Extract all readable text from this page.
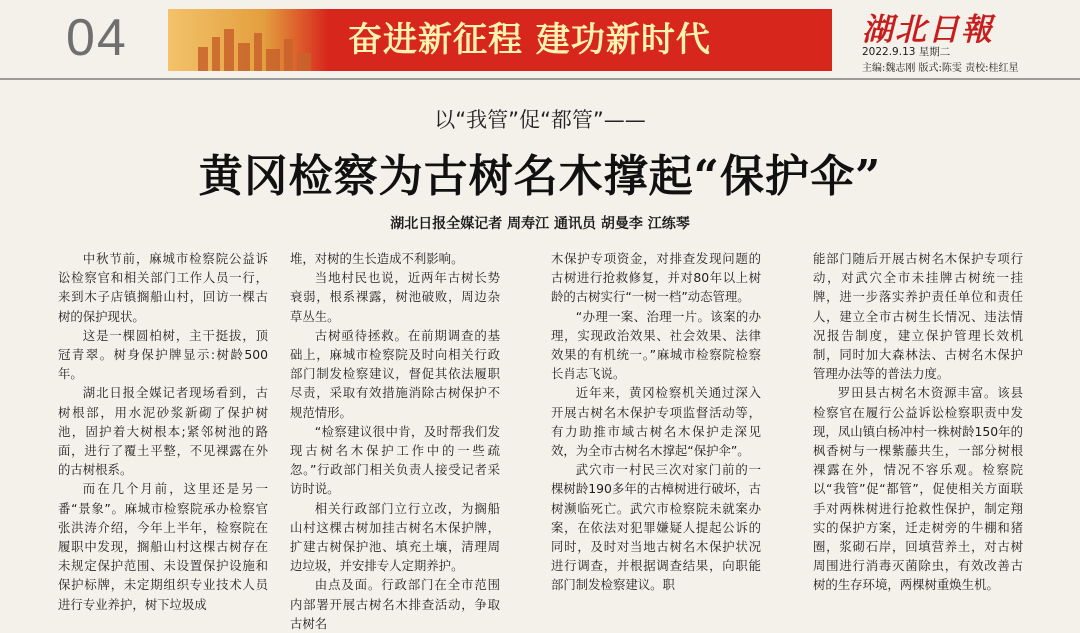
04	奋进新征程 建功新时代	湖北日報
2022.9.13 星期二
主编:魏志刚 版式:陈雯 责校:桂红星
以“我管”促“都管”——
黄冈检察为古树名木撑起“保护伞”
湖北日报全媒记者 周寿江 通讯员 胡曼李 江练琴

中秋节前，麻城市检察院公益诉讼检察官和相关部门工作人员一行，来到木子店镇搁船山村，回访一棵古树的保护现状。

这是一棵圆柏树，主干挺拔，顶冠青翠。树身保护牌显示:树龄500年。

湖北日报全媒记者现场看到，古树根部，用水泥砂浆新砌了保护树池，固护着大树根本;紧邻树池的路面，进行了覆土平整，不见裸露在外的古树根系。

而在几个月前，这里还是另一番“景象”。麻城市检察院承办检察官张洪涛介绍，今年上半年，检察院在履职中发现，搁船山村这棵古树存在未规定保护范围、未设置保护设施和保护标牌，未定期组织专业技术人员进行专业养护，树下垃圾成

堆，对树的生长造成不利影响。

当地村民也说，近两年古树长势衰弱，根系裸露，树池破败，周边杂草丛生。

古树亟待拯救。在前期调查的基础上，麻城市检察院及时向相关行政部门制发检察建议，督促其依法履职尽责，采取有效措施消除古树保护不规范情形。

“检察建议很中肯，及时帮我们发现古树名木保护工作中的一些疏忽。”行政部门相关负责人接受记者采访时说。

相关行政部门立行立改，为搁船山村这棵古树加挂古树名木保护牌，扩建古树保护池、填充土壤，清理周边垃圾，并安排专人定期养护。

由点及面。行政部门在全市范围内部署开展古树名木排查活动，争取古树名

木保护专项资金，对排查发现问题的古树进行抢救修复，并对80年以上树龄的古树实行“一树一档”动态管理。

“办理一案、治理一片。该案的办理，实现政治效果、社会效果、法律效果的有机统一。”麻城市检察院检察长肖志飞说。

近年来，黄冈检察机关通过深入开展古树名木保护专项监督活动等，有力助推市域古树名木保护走深见效，为全市古树名木撑起“保护伞”。

武穴市一村民三次对家门前的一棵树龄190多年的古樟树进行破坏，古树濒临死亡。武穴市检察院未就案办案，在依法对犯罪嫌疑人提起公诉的同时，及时对当地古树名木保护状况进行调查，并根据调查结果，向职能部门制发检察建议。职

能部门随后开展古树名木保护专项行动，对武穴全市未挂牌古树统一挂牌，进一步落实养护责任单位和责任人，建立全市古树生长情况、违法情况报告制度，建立保护管理长效机制，同时加大森林法、古树名木保护管理办法等的普法力度。

罗田县古树名木资源丰富。该县检察官在履行公益诉讼检察职责中发现，凤山镇白杨冲村一株树龄150年的枫香树与一棵紫藤共生，一部分树根裸露在外，情况不容乐观。检察院以“我管”促“都管”，促使相关方面联手对两株树进行抢救性保护，制定翔实的保护方案，迁走树旁的牛棚和猪圈，浆砌石岸，回填营养土，对古树周围进行消毒灭菌除虫，有效改善古树的生存环境，两棵树重焕生机。
